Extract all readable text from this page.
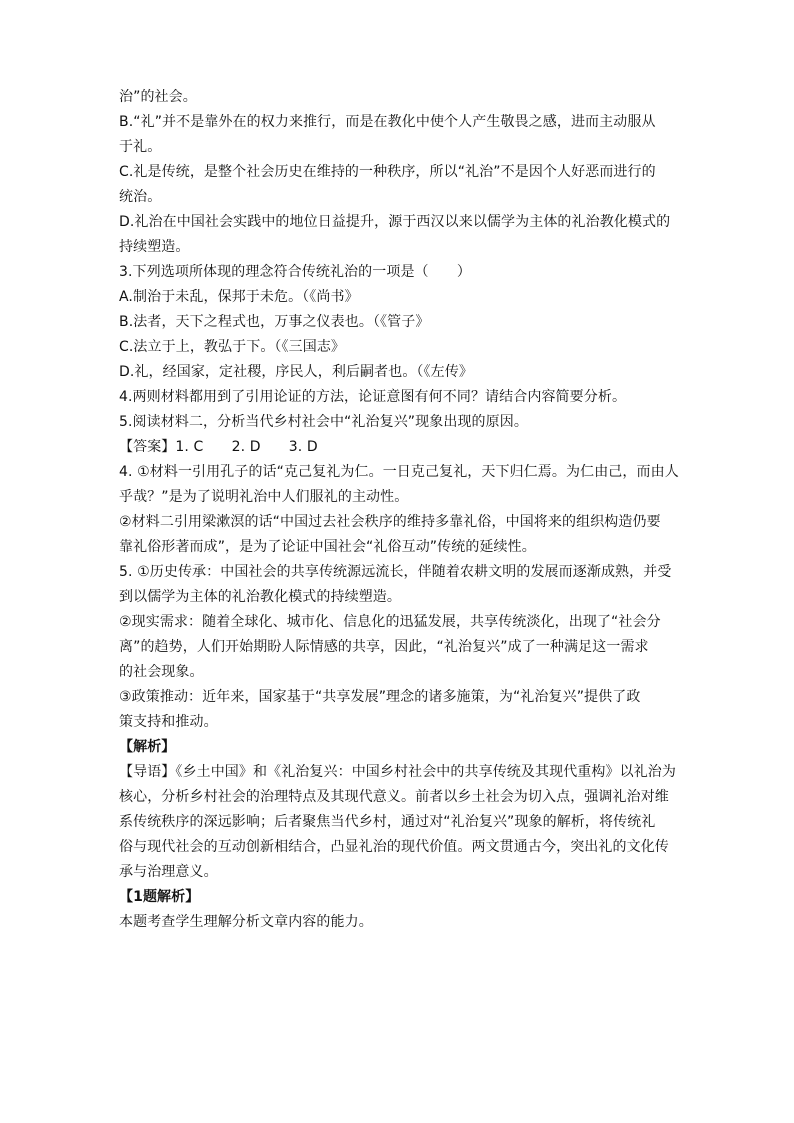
治”的社会。
B.“礼”并不是靠外在的权力来推行，而是在教化中使个人产生敬畏之感，进而主动服从
于礼。
C.礼是传统，是整个社会历史在维持的一种秩序，所以“礼治”不是因个人好恶而进行的
统治。
D.礼治在中国社会实践中的地位日益提升，源于西汉以来以儒学为主体的礼治教化模式的
持续塑造。
3.下列选项所体现的理念符合传统礼治的一项是（　　）
A.制治于未乱，保邦于未危。（《尚书》
B.法者，天下之程式也，万事之仪表也。（《管子》
C.法立于上，教弘于下。（《三国志》
D.礼，经国家，定社稷，序民人，利后嗣者也。（《左传》
4.两则材料都用到了引用论证的方法，论证意图有何不同？请结合内容简要分析。
5.阅读材料二，分析当代乡村社会中“礼治复兴”现象出现的原因。
【答案】1. C　　2. D　　3. D
4. ①材料一引用孔子的话“克己复礼为仁。一日克己复礼，天下归仁焉。为仁由己，而由人
乎哉？”是为了说明礼治中人们服礼的主动性。
②材料二引用梁漱溟的话“中国过去社会秩序的维持多靠礼俗，中国将来的组织构造仍要
靠礼俗形著而成”，是为了论证中国社会“礼俗互动”传统的延续性。
5. ①历史传承：中国社会的共享传统源远流长，伴随着农耕文明的发展而逐渐成熟，并受
到以儒学为主体的礼治教化模式的持续塑造。
②现实需求：随着全球化、城市化、信息化的迅猛发展，共享传统淡化，出现了“社会分
离”的趋势，人们开始期盼人际情感的共享，因此，“礼治复兴”成了一种满足这一需求
的社会现象。
③政策推动：近年来，国家基于“共享发展”理念的诸多施策，为“礼治复兴”提供了政
策支持和推动。
【解析】
【导语】《乡土中国》和《礼治复兴：中国乡村社会中的共享传统及其现代重构》以礼治为
核心，分析乡村社会的治理特点及其现代意义。前者以乡土社会为切入点，强调礼治对维
系传统秩序的深远影响；后者聚焦当代乡村，通过对“礼治复兴”现象的解析，将传统礼
俗与现代社会的互动创新相结合，凸显礼治的现代价值。两文贯通古今，突出礼的文化传
承与治理意义。
【1题解析】
本题考查学生理解分析文章内容的能力。
